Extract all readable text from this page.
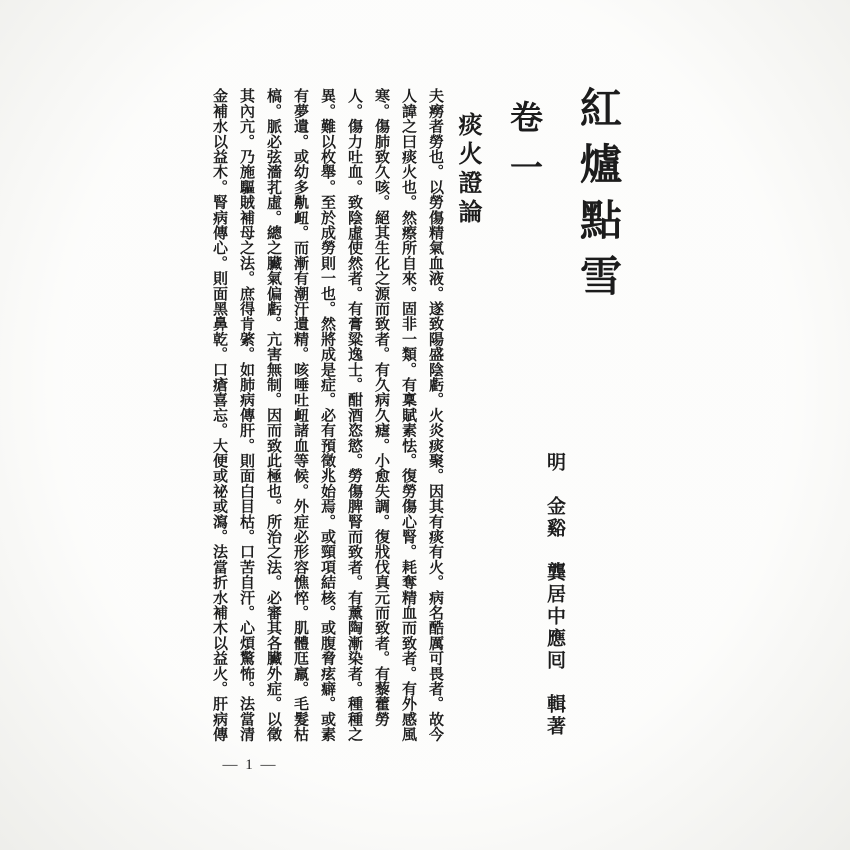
紅爐點雪
明　金谿　龔居中應囘　輯著
卷一
痰火證論
夫癆者勞也。以勞傷精氣血液。遂致陽盛陰虧。火炎痰聚。因其有痰有火。病名酷厲可畏者。故今
人諱之曰痰火也。然瘵所自來。固非一類。有稟賦素怯。復勞傷心腎。耗奪精血而致者。有外感風
寒。傷肺致久咳。絕其生化之源而致者。有久病久瘧。小愈失調。復戕伐真元而致者。有藜藿勞
人。傷力吐血。致陰虛使然者。有膏粱逸士。酣酒恣慾。勞傷脾腎而致者。有薰陶漸染者。種種之
異。難以枚舉。至於成勞則一也。然將成是症。必有預徵兆始焉。或頸項結核。或腹脅痃癖。或素
有夢遺。或幼多鼽衄。而漸有潮汗遺精。咳唾吐衄諸血等候。外症必形容憔悴。肌體尫羸。毛髮枯
槁。脈必弦濇芤虛。總之臟氣偏虧。亢害無制。因而致此極也。所治之法。必審其各臟外症。以徵
其內亢。乃施驅賊補母之法。庶得肯綮。如肺病傳肝。則面白目枯。口苦自汗。心煩驚怖。法當清
金補水以益木。腎病傳心。則面黑鼻乾。口瘡喜忘。大便或祕或瀉。法當折水補木以益火。肝病傳
— 1 —
